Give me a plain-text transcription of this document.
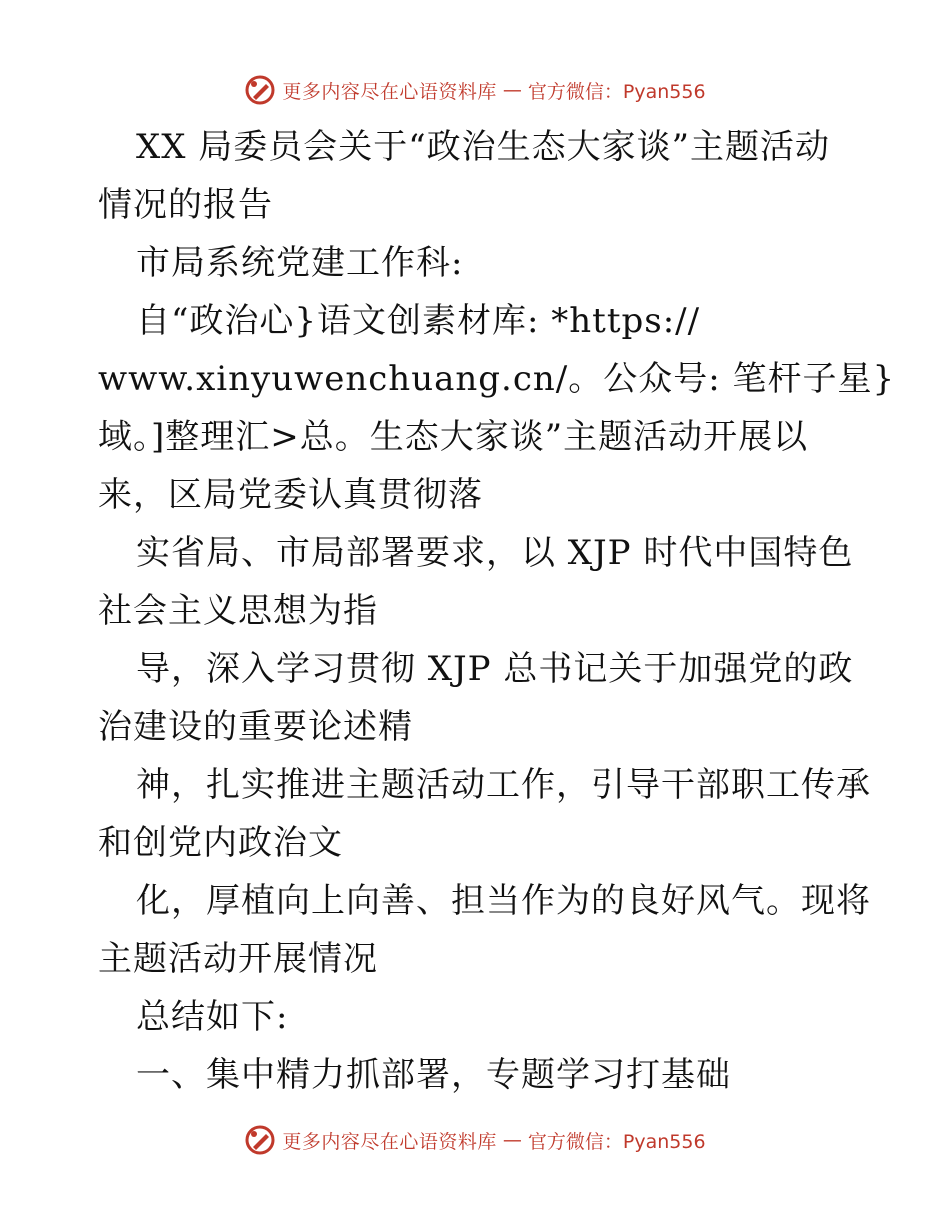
更多内容尽在心语资料库 — 官方微信：Pyan556
XX 局委员会关于“政治生态大家谈”主题活动
情况的报告
市局系统党建工作科:
自“政治心}语文创素材库: *https://
www.xinyuwenchuang.cn/。公众号: 笔杆子星}
域。]整理汇>总。生态大家谈”主题活动开展以
来，区局党委认真贯彻落
实省局、市局部署要求，以 XJP 时代中国特色
社会主义思想为指
导，深入学习贯彻 XJP 总书记关于加强党的政
治建设的重要论述精
神，扎实推进主题活动工作，引导干部职工传承
和创党内政治文
化，厚植向上向善、担当作为的良好风气。现将
主题活动开展情况
总结如下:
一、集中精力抓部署，专题学习打基础
更多内容尽在心语资料库 — 官方微信：Pyan556
